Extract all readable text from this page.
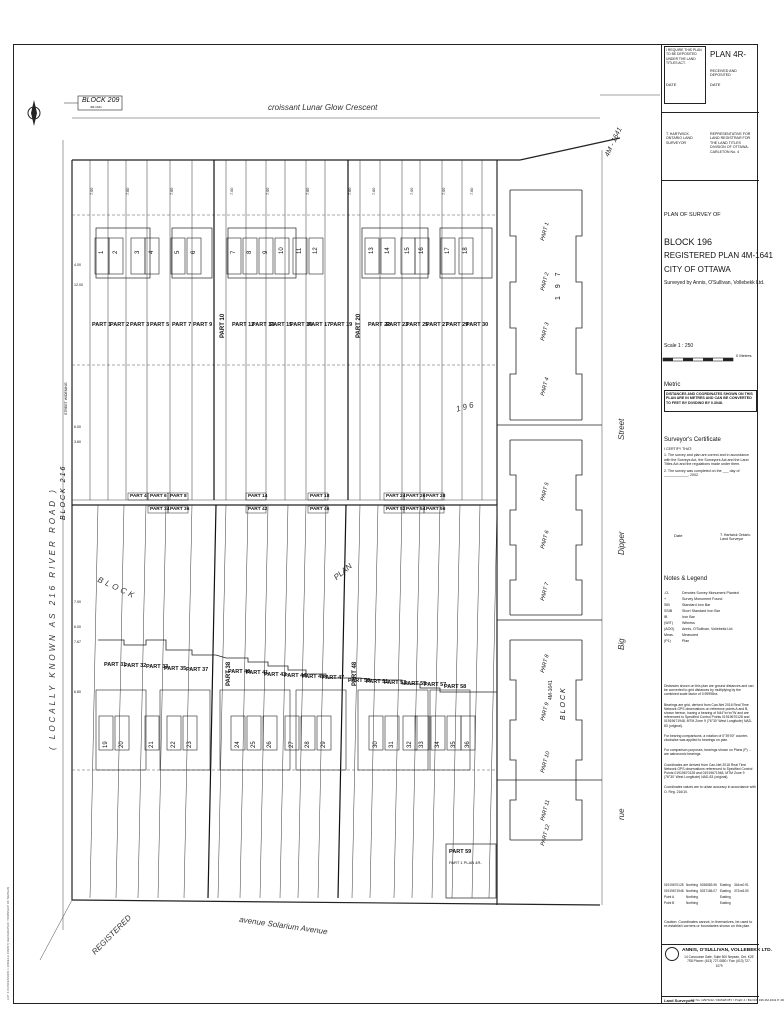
LOT 4 CONCESSION 1 (RIDEAU FRONT) GEOGRAPHIC TOWNSHIP OF NEPEAN
BLOCK 209
4M-1641	croissant Lunar Glow Crescent
4M - 1641
( LOCALLY KNOWN AS 216 RIVER ROAD ) BLOCK 216
STREET WIDENING
Street
Dipper
Big
rue
avenue Solarium Avenue
REGISTERED
BLOCK
PLAN
1 9 6
PART 59
PART 1 PLAN 4R-
1 2	3 4	5 6	7 8 9 10 11 12	13 14 15 16	17 18
PART 1
PART 2 PART 3 PART 5 PART 7 PART 9 PART 10 PART 12
PART 13
PART 15
PART 16
PART 17 PART 19 PART 20 PART 22
PART 23
PART 25
PART 27
PART 29
PART 30
7.00	7.60	7.60	7.00	7.00	7.60	7.60	7.60	7.00	7.00	7.60
PART 4 PART 6 PART 8	PART 14	PART 18	PART 24 PART 26 PART 28
PART 34 PART 36	PART 42	PART 46	PART 52 PART 54 PART 56
19 20	21	22 23	24 25 26	27 28 29	30 31 32 33 34 35 36
PART 31
PART 32 PART 33
PART 35 PART 37	PART 38
PART 40
PART 41
PART 43
PART 44
PART 45
PART 47 PART 48
PART 50
PART 51
PART 53
PART 55
PART 57
PART 58
4.00
12.00
6.00
3.60
7.00
6.00
7.67
6.80
PART 1
PART 2
PART 3
PART 4
PART 5
PART 6
PART 7
PART 8
PART 9
PART 10
PART 11
PART 12
1 9 7
4M-1641 BLOCK
I REQUIRE THIS PLAN TO BE DEPOSITED UNDER THE LAND TITLES ACT.
DATE
PLAN 4R-
RECEIVED AND DEPOSITED
DATE
T. HARTWICK ONTARIO LAND SURVEYOR
REPRESENTATIVE FOR LAND REGISTRAR FOR THE LAND TITLES DIVISION OF OTTAWA-CARLETON No. 4
PLAN OF SURVEY OF
BLOCK 196
REGISTERED PLAN 4M-1641
CITY OF OTTAWA
Surveyed by Annis, O'Sullivan, Vollebekk Ltd.
Scale 1 : 250
0 Metres
Metric
DISTANCES AND COORDINATES SHOWN ON THIS PLAN ARE IN METRES AND CAN BE CONVERTED TO FEET BY DIVIDING BY 0.3048.
Surveyor's Certificate
I CERTIFY THAT:
1. The survey and plan are correct and in accordance with the Surveys Act, the Surveyors Act and the Land Titles Act and the regulations made under them.
2. The survey was completed on the ___ day of ____________, 2002.
Date	T. Hartwick Ontario Land Surveyor
Notes & Legend
-O-	Denotes Survey Monument Planted
+	Survey Monument Found
SIB	Standard Iron Bar
SSIB	Short Standard Iron Bar
IB	Iron Bar
(WIT)	Witness
(AOG)	Annis, O'Sullivan, Vollebekk Ltd.
Meas.	Measured
(P1)	Plan
Distances shown on this plan are ground distances and can be converted to grid distances by multiplying by the combined scale factor of 0.99998xx.
Bearings are grid, derived from Can-Net 2016 Real Time Network GPS observations on reference points A and B, shown hereon, having a bearing of N44°xx'xx"W and are referenced to Specified Control Points 01919670128 and 01919671948, MTM Zone 9 (76°30' West Longitude) NAD-83 (original).
For bearing comparisons, a rotation of 0°39'00" counter-clockwise was applied to bearings on plan.
For comparison purposes, bearings shown on Plans (P) ... are astronomic bearings.
Coordinates are derived from Can-Net 2016 Real Time Network GPS observations referenced to Specified Control Points 01919670128 and 01919671948, MTM Zone 9 (76°30' West Longitude) NAD-83 (original).
Coordinates values are to urban accuracy in accordance with O. Reg. 216/10.
01919670128 Northing 5036583.96 Easting	344xx0.91
01919671948 Northing 5037186.07 Easting	372xx5.50
Point A	Northing	Easting
Point B	Northing	Easting
Caution: Coordinates cannot, in themselves, be used to re-establish corners or boundaries shown on this plan.
ANNIS, O'SULLIVAN, VOLLEBEKK LTD.
14 Concourse Gate, Suite 500 Nepean, Ont. K2E 7S8 Phone: (613) 727-0850 / Fax: (613) 727-1079
Land Surveyors
Job No. 12979-02 / DRAWN BY / Proj#: 2 / BLOCK 196 4M-1641 P. 2D
